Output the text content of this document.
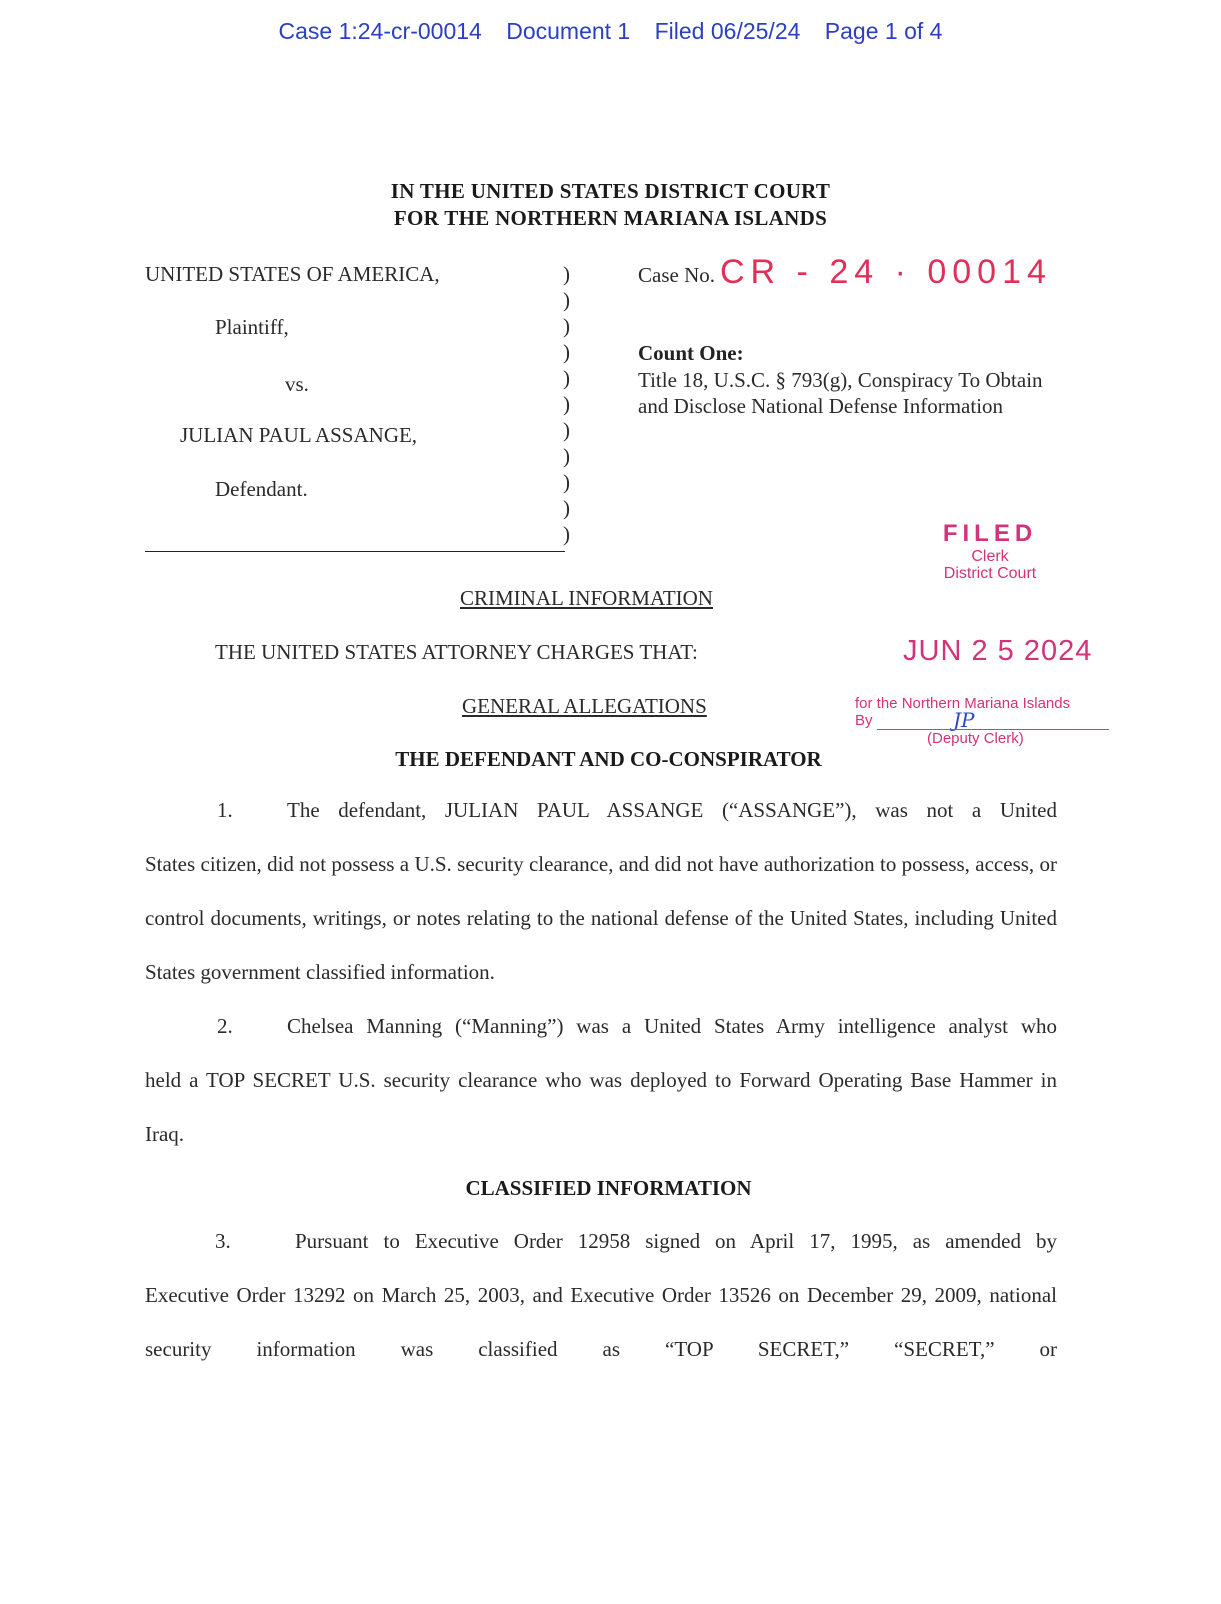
Case 1:24-cr-00014 Document 1 Filed 06/25/24 Page 1 of 4
IN THE UNITED STATES DISTRICT COURT
FOR THE NORTHERN MARIANA ISLANDS
UNITED STATES OF AMERICA,
Plaintiff,
vs.
JULIAN PAUL ASSANGE,
Defendant.
)
)
)
)
)
)
)
)
)
)
)
Case No. CR - 24 · 00014
Count One:
Title 18, U.S.C. § 793(g), Conspiracy To Obtain and Disclose National Defense Information
FILED
Clerk
District Court
JUN 2 5 2024
for the Northern Mariana Islands
By	JP
(Deputy Clerk)
CRIMINAL INFORMATION
THE UNITED STATES ATTORNEY CHARGES THAT:
GENERAL ALLEGATIONS
THE DEFENDANT AND CO-CONSPIRATOR

1.	The defendant, JULIAN PAUL ASSANGE (“ASSANGE”), was not a United

States citizen, did not possess a U.S. security clearance, and did not have authorization to possess, access, or control documents, writings, or notes relating to the national defense of the United States, including United States government classified information.

2.	Chelsea Manning (“Manning”) was a United States Army intelligence analyst who

held a TOP SECRET U.S. security clearance who was deployed to Forward Operating Base Hammer in Iraq.

CLASSIFIED INFORMATION

3.	Pursuant to Executive Order 12958 signed on April 17, 1995, as amended by

Executive Order 13292 on March 25, 2003, and Executive Order 13526 on December 29, 2009, national security information was classified as “TOP SECRET,” “SECRET,” or
